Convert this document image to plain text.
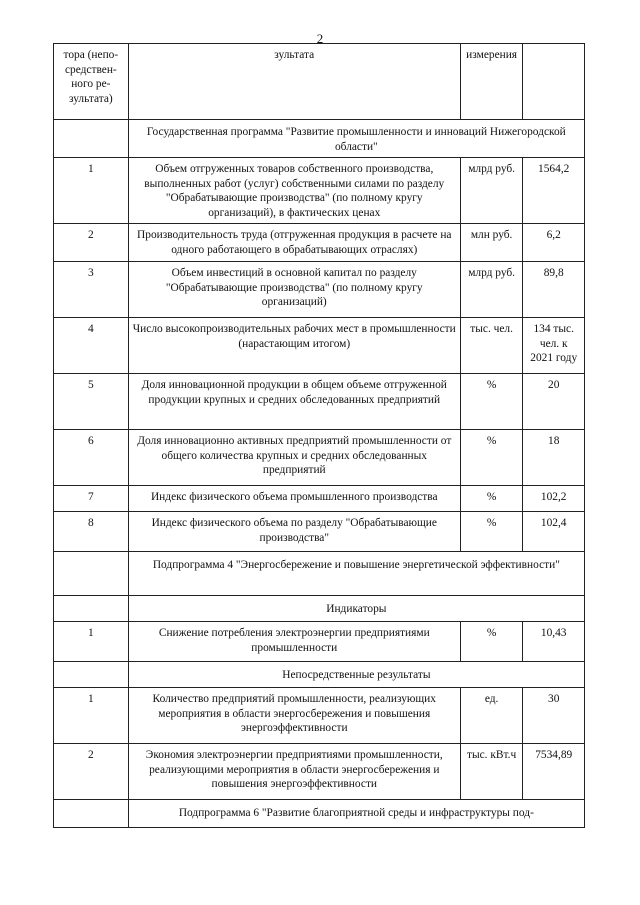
2
тора (непо-средствен-ного ре-зультата)	зультата	измерения	
	Государственная программа "Развитие промышленности и инноваций Нижегородской области"		
1	Объем отгруженных товаров собственного производства, выполненных работ (услуг) собственными силами по разделу "Обрабатывающие производства" (по полному кругу организаций), в фактических ценах	млрд руб.	1564,2
2	Производительность труда (отгруженная продукция в расчете на одного работающего в обрабатывающих отраслях)	млн руб.	6,2
3	Объем инвестиций в основной капитал по разделу "Обрабатывающие производства" (по полному кругу организаций)	млрд руб.	89,8
4	Число высокопроизводительных рабочих мест в промышленности (нарастающим итогом)	тыс. чел.	134 тыс. чел. к 2021 году
5	Доля инновационной продукции в общем объеме отгруженной продукции крупных и средних обследованных предприятий	%	20
6	Доля инновационно активных предприятий промышленности от общего количества крупных и средних обследованных предприятий	%	18
7	Индекс физического объема промышленного производства	%	102,2
8	Индекс физического объема по разделу "Обрабатывающие производства"	%	102,4
	Подпрограмма 4 "Энергосбережение и повышение энергетической эффективности"		
	Индикаторы		
1	Снижение потребления электроэнергии предприятиями промышленности	%	10,43
	Непосредственные результаты		
1	Количество предприятий промышленности, реализующих мероприятия в области энергосбережения и повышения энергоэффективности	ед.	30
2	Экономия электроэнергии предприятиями промышленности, реализующими мероприятия в области энергосбережения и повышения энергоэффективности	тыс. кВт.ч	7534,89
	Подпрограмма 6 "Развитие благоприятной среды и инфраструктуры под-		
